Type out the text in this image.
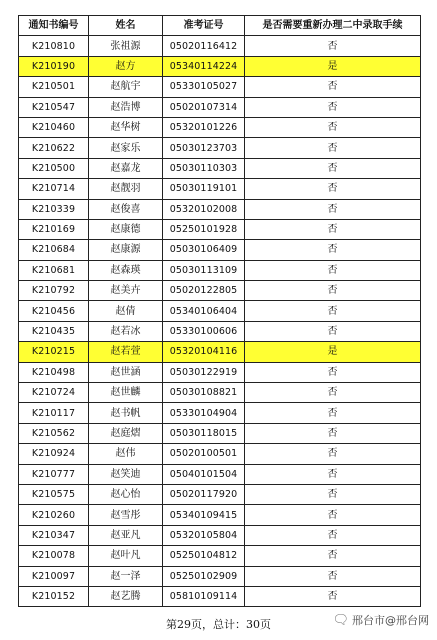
通知书编号	姓名	准考证号	是否需要重新办理二中录取手续
K210810	张祖源	05020116412	否
K210190	赵方	05340114224	是
K210501	赵航宇	05330105027	否
K210547	赵浩博	05020107314	否
K210460	赵华树	05320101226	否
K210622	赵家乐	05030123703	否
K210500	赵嘉龙	05030110303	否
K210714	赵靓羽	05030119101	否
K210339	赵俊喜	05320102008	否
K210169	赵康德	05250101928	否
K210684	赵康源	05030106409	否
K210681	赵森瑛	05030113109	否
K210792	赵美卉	05020122805	否
K210456	赵倩	05340106404	否
K210435	赵若冰	05330100606	否
K210215	赵若萱	05320104116	是
K210498	赵世涵	05030122919	否
K210724	赵世麟	05030108821	否
K210117	赵书帆	05330104904	否
K210562	赵庭熠	05030118015	否
K210924	赵伟	05020100501	否
K210777	赵笑迪	05040101504	否
K210575	赵心怡	05020117920	否
K210260	赵雪彤	05340109415	否
K210347	赵亚凡	05320105804	否
K210078	赵叶凡	05250104812	否
K210097	赵一泽	05250102909	否
K210152	赵艺腾	05810109114	否
第29页，总计：30页	🗨 邢台市@邢台网
